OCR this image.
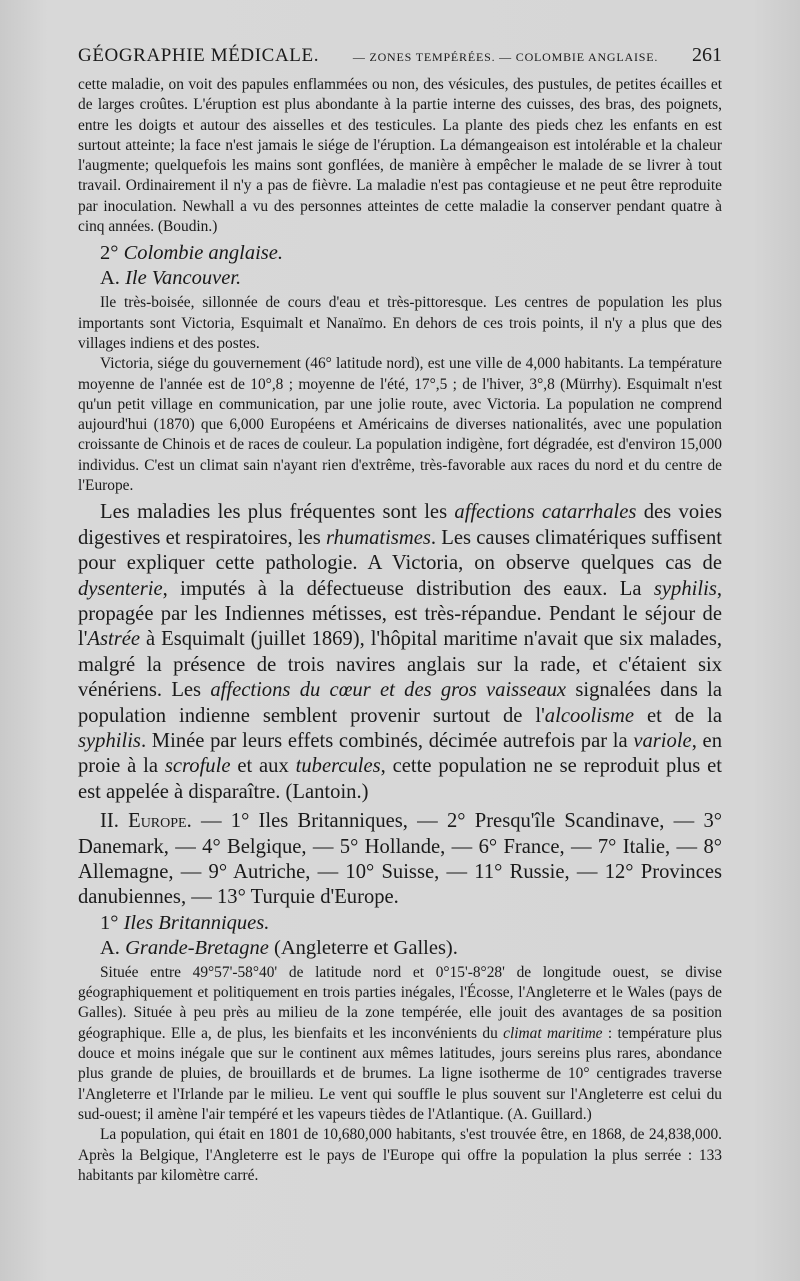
GÉOGRAPHIE MÉDICALE.	— ZONES TEMPÉRÉES. — COLOMBIE ANGLAISE. 261

cette maladie, on voit des papules enflammées ou non, des vésicules, des pustules, de petites écailles et de larges croûtes. L'éruption est plus abondante à la partie interne des cuisses, des bras, des poignets, entre les doigts et autour des aisselles et des testicules. La plante des pieds chez les enfants en est surtout atteinte; la face n'est jamais le siége de l'éruption. La démangeaison est intolérable et la chaleur l'augmente; quelquefois les mains sont gonflées, de manière à empêcher le malade de se livrer à tout travail. Ordinairement il n'y a pas de fièvre. La maladie n'est pas contagieuse et ne peut être reproduite par inoculation. Newhall a vu des personnes atteintes de cette maladie la conserver pendant quatre à cinq années. (Boudin.)

2° Colombie anglaise.
A. Ile Vancouver.

Ile très-boisée, sillonnée de cours d'eau et très-pittoresque. Les centres de population les plus importants sont Victoria, Esquimalt et Nanaïmo. En dehors de ces trois points, il n'y a plus que des villages indiens et des postes.

Victoria, siége du gouvernement (46° latitude nord), est une ville de 4,000 habitants. La température moyenne de l'année est de 10°,8 ; moyenne de l'été, 17°,5 ; de l'hiver, 3°,8 (Mürrhy). Esquimalt n'est qu'un petit village en communication, par une jolie route, avec Victoria. La population ne comprend aujourd'hui (1870) que 6,000 Européens et Américains de diverses nationalités, avec une population croissante de Chinois et de races de couleur. La population indigène, fort dégradée, est d'environ 15,000 individus. C'est un climat sain n'ayant rien d'extrême, très-favorable aux races du nord et du centre de l'Europe.

Les maladies les plus fréquentes sont les affections catarrhales des voies digestives et respiratoires, les rhumatismes. Les causes climatériques suffisent pour expliquer cette pathologie. A Victoria, on observe quelques cas de dysenterie, imputés à la défectueuse distribution des eaux. La syphilis, propagée par les Indiennes métisses, est très-répandue. Pendant le séjour de l'Astrée à Esquimalt (juillet 1869), l'hôpital maritime n'avait que six malades, malgré la présence de trois navires anglais sur la rade, et c'étaient six vénériens. Les affections du cœur et des gros vaisseaux signalées dans la population indienne semblent provenir surtout de l'alcoolisme et de la syphilis. Minée par leurs effets combinés, décimée autrefois par la variole, en proie à la scrofule et aux tubercules, cette population ne se reproduit plus et est appelée à disparaître. (Lantoin.)

II. Europe. — 1° Iles Britanniques, — 2° Presqu'île Scandinave, — 3° Danemark, — 4° Belgique, — 5° Hollande, — 6° France, — 7° Italie, — 8° Allemagne, — 9° Autriche, — 10° Suisse, — 11° Russie, — 12° Provinces danubiennes, — 13° Turquie d'Europe.

1° Iles Britanniques.
A. Grande-Bretagne (Angleterre et Galles).

Située entre 49°57'-58°40' de latitude nord et 0°15'-8°28' de longitude ouest, se divise géographiquement et politiquement en trois parties inégales, l'Écosse, l'Angleterre et le Wales (pays de Galles). Située à peu près au milieu de la zone tempérée, elle jouit des avantages de sa position géographique. Elle a, de plus, les bienfaits et les inconvénients du climat maritime : température plus douce et moins inégale que sur le continent aux mêmes latitudes, jours sereins plus rares, abondance plus grande de pluies, de brouillards et de brumes. La ligne isotherme de 10° centigrades traverse l'Angleterre et l'Irlande par le milieu. Le vent qui souffle le plus souvent sur l'Angleterre est celui du sud-ouest; il amène l'air tempéré et les vapeurs tièdes de l'Atlantique. (A. Guillard.)

La population, qui était en 1801 de 10,680,000 habitants, s'est trouvée être, en 1868, de 24,838,000. Après la Belgique, l'Angleterre est le pays de l'Europe qui offre la population la plus serrée : 133 habitants par kilomètre carré.
